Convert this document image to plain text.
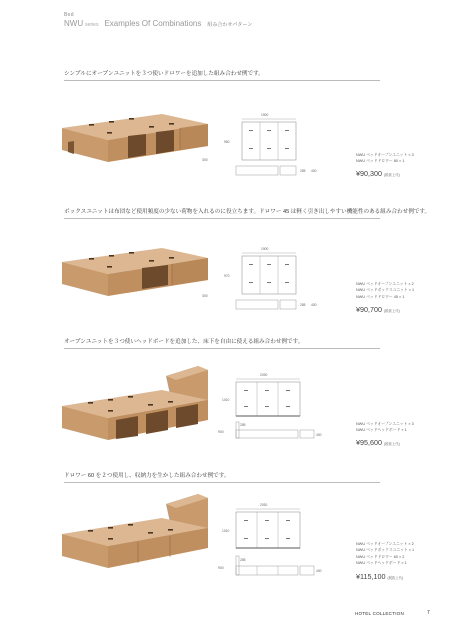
Bed
NWU series Examples Of Combinations 組み合わせパターン
シンプルにオープンユニットを３つ使いドロワーを追加した組み合わせ例です。
1900
960
285 400
300
NWU ベッドオープンユニット × 3
NWU ベッドドロワー 80 × 1
¥90,300 (税抜上代)
ボックスユニットは布団など使用頻度の少ない荷物を入れるのに役立ちます。ドロワー 45 は軽く引き出しやすい機能性のある組み合わせ例です。
1900
970
285 400
300
NWU ベッドオープンユニット × 2
NWU ベッドボックスユニット × 1
NWU ベッドドロワー 45 × 1
¥90,700 (税抜上代)
オープンユニットを３つ使いヘッドボードを追加した、床下を自由に使える組み合わせ例です。
2030
1010
285
400
900
NWU ベッドオープンユニット × 3
NWU ベッドヘッドボード × 1
¥95,600 (税抜上代)
ドロワー 60 を２つ使用し、収納力を生かした組み合わせ例です。
2030
1010
285
400
900
NWU ベッドオープンユニット × 2
NWU ベッドボックスユニット × 1
NWU ベッドドロワー 60 × 2
NWU ベッドヘッドボード × 1
¥115,100 (税抜上代)
HOTEL COLLECTION	7
